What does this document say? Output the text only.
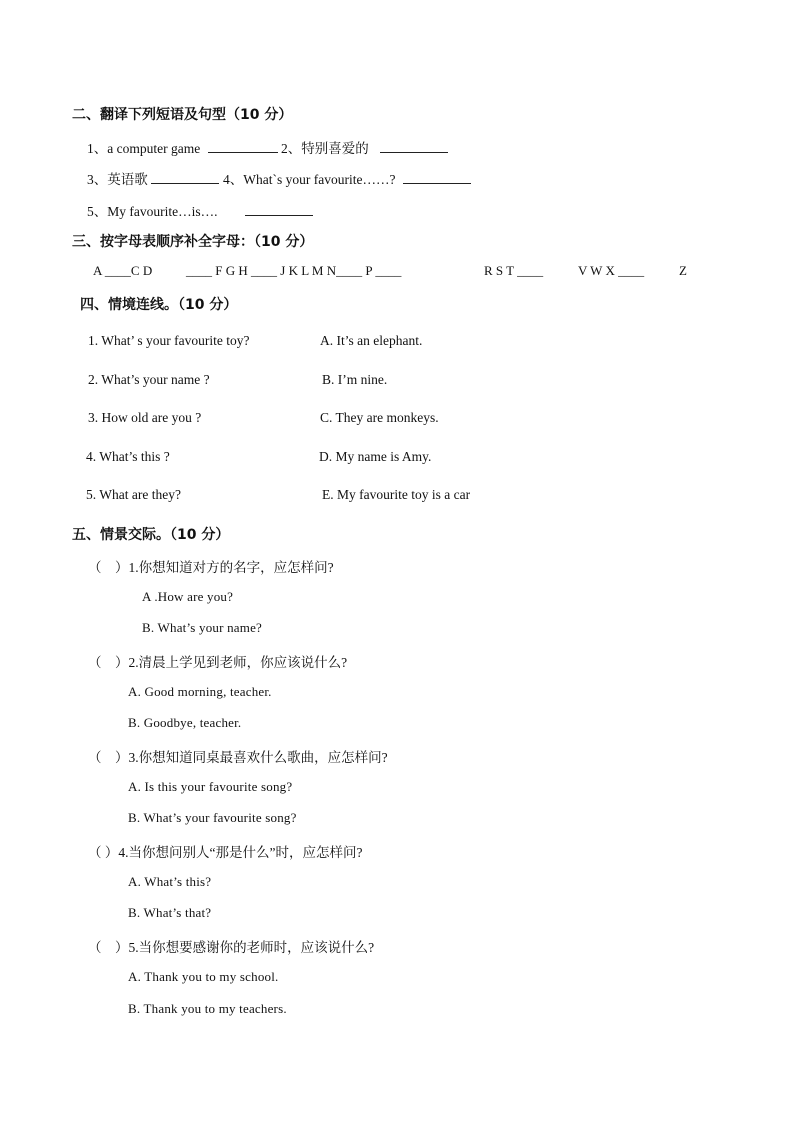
二、翻译下列短语及句型（10 分）
1、a computer game	2、特别喜爱的
3、英语歌	4、What`s your favourite……?
5、My favourite…is….
三、按字母表顺序补全字母：（10 分）
A ____C D	____ F G H ____ J K L M N____ P ____	R S T ____	V W X ____	Z
四、情境连线。（10 分）
1. What’ s your favourite toy?	A. It’s an elephant.
2. What’s your name ?	B. I’m nine.
3. How old are you ?	C. They are monkeys.
4. What’s this ?	D. My name is Amy.
5. What are they?	E. My favourite toy is a car
五、情景交际。（10 分）
（　）1.你想知道对方的名字，应怎样问?
A .How are you?
B. What’s your name?
（　）2.清晨上学见到老师，你应该说什么?
A. Good morning, teacher.
B. Goodbye, teacher.
（　）3.你想知道同桌最喜欢什么歌曲，应怎样问?
A. Is this your favourite song?
B. What’s your favourite song?
（ ）4.当你想问别人“那是什么”时，应怎样问?
A. What’s this?
B. What’s that?
（　）5.当你想要感谢你的老师时，应该说什么?
A. Thank you to my school.
B. Thank you to my teachers.
